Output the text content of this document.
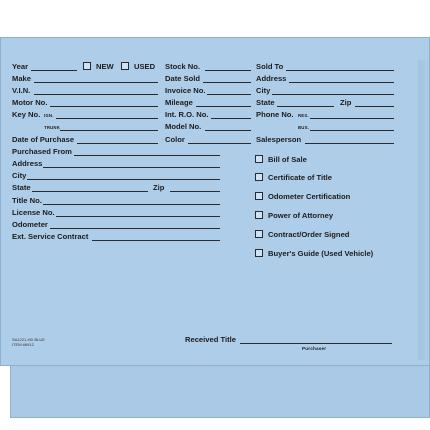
Year	NEW	USED
Make
V.I.N.
Motor No.
Key No. IGN.
TRUNK
Date of Purchase
Purchased From
Address
City
State	Zip
Title No.
License No.
Odometer
Ext. Service Contract
Stock No.
Date Sold
Invoice No.
Mileage
Int. R.O. No.
Model No.
Color
Sold To
Address
City
State	Zip
Phone No. RES.
BUS.
Salesperson
Bill of Sale
Certificate of Title
Odometer Certification
Power of Attorney
Contract/Order Signed
Buyer's Guide (Used Vehicle)
Received Title
Purchaser
SA1221-HD BLUE
ITEM #6912
